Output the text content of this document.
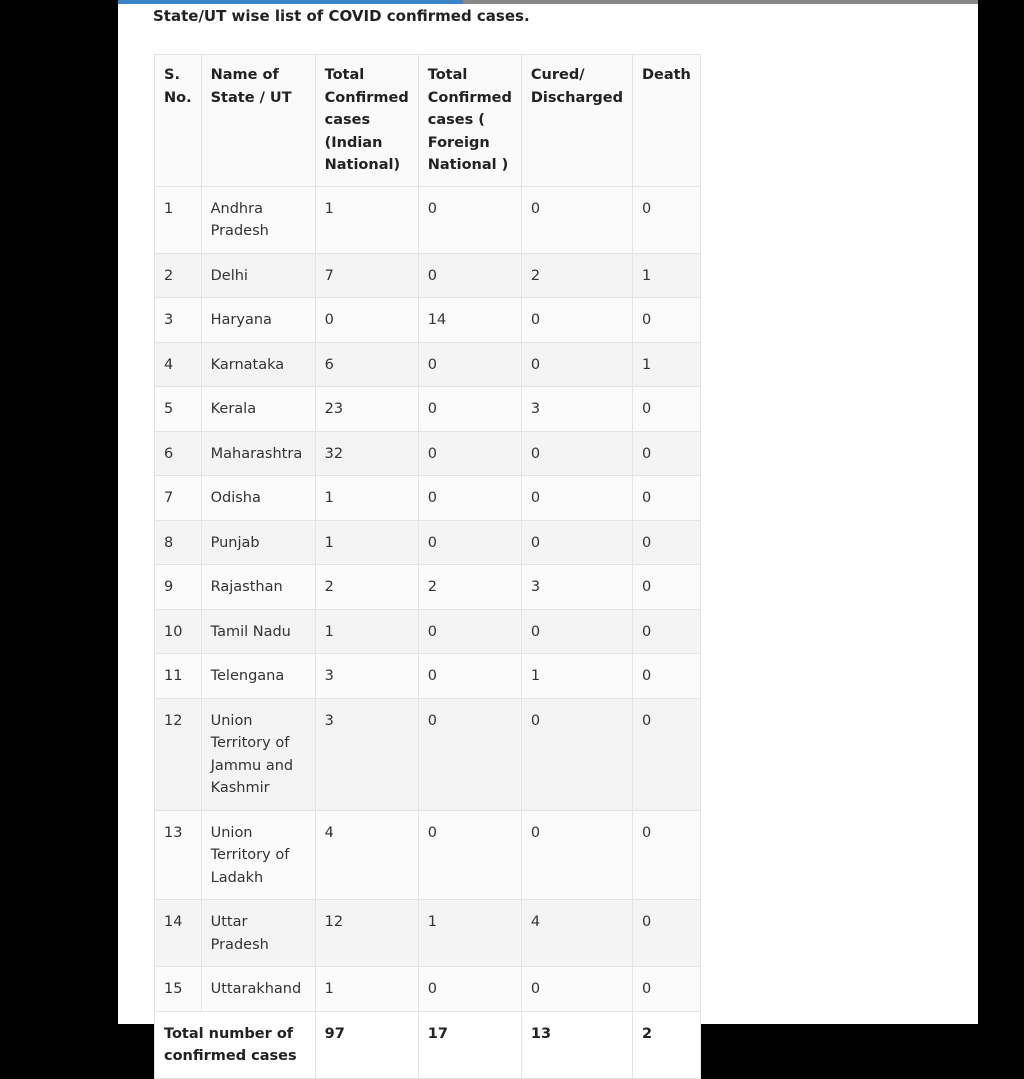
State/UT wise list of COVID confirmed cases.
S. No.	Name of State / UT	Total Confirmed cases (Indian National)	Total Confirmed cases ( Foreign National )	Cured/ Discharged	Death
1	Andhra Pradesh	1	0	0	0
2	Delhi	7	0	2	1
3	Haryana	0	14	0	0
4	Karnataka	6	0	0	1
5	Kerala	23	0	3	0
6	Maharashtra	32	0	0	0
7	Odisha	1	0	0	0
8	Punjab	1	0	0	0
9	Rajasthan	2	2	3	0
10	Tamil Nadu	1	0	0	0
11	Telengana	3	0	1	0
12	Union Territory of Jammu and Kashmir	3	0	0	0
13	Union Territory of Ladakh	4	0	0	0
14	Uttar Pradesh	12	1	4	0
15	Uttarakhand	1	0	0	0
Total number of confirmed cases		97	17	13	2
